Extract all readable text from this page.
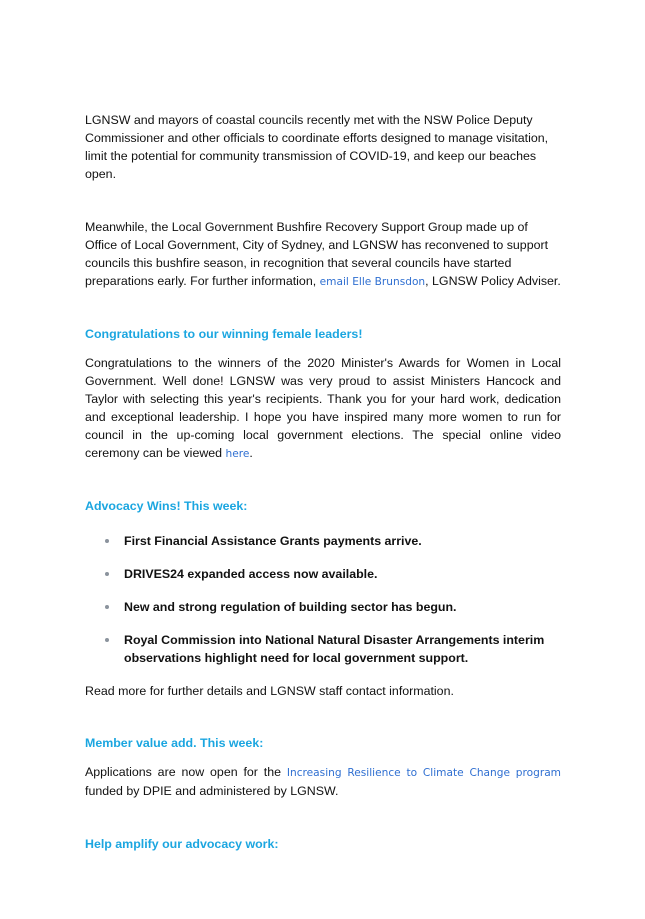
LGNSW and mayors of coastal councils recently met with the NSW Police Deputy Commissioner and other officials to coordinate efforts designed to manage visitation, limit the potential for community transmission of COVID-19, and keep our beaches open.

Meanwhile, the Local Government Bushfire Recovery Support Group made up of Office of Local Government, City of Sydney, and LGNSW has reconvened to support councils this bushfire season, in recognition that several councils have started preparations early. For further information, email Elle Brunsdon, LGNSW Policy Adviser.

Congratulations to our winning female leaders!

Congratulations to the winners of the 2020 Minister's Awards for Women in Local Government. Well done! LGNSW was very proud to assist Ministers Hancock and Taylor with selecting this year's recipients. Thank you for your hard work, dedication and exceptional leadership. I hope you have inspired many more women to run for council in the up-coming local government elections. The special online video ceremony can be viewed here.

Advocacy Wins! This week:

First Financial Assistance Grants payments arrive.
DRIVES24 expanded access now available.
New and strong regulation of building sector has begun.
Royal Commission into National Natural Disaster Arrangements interim observations highlight need for local government support.

Read more for further details and LGNSW staff contact information.

Member value add. This week:

Applications are now open for the Increasing Resilience to Climate Change program funded by DPIE and administered by LGNSW.

Help amplify our advocacy work:
